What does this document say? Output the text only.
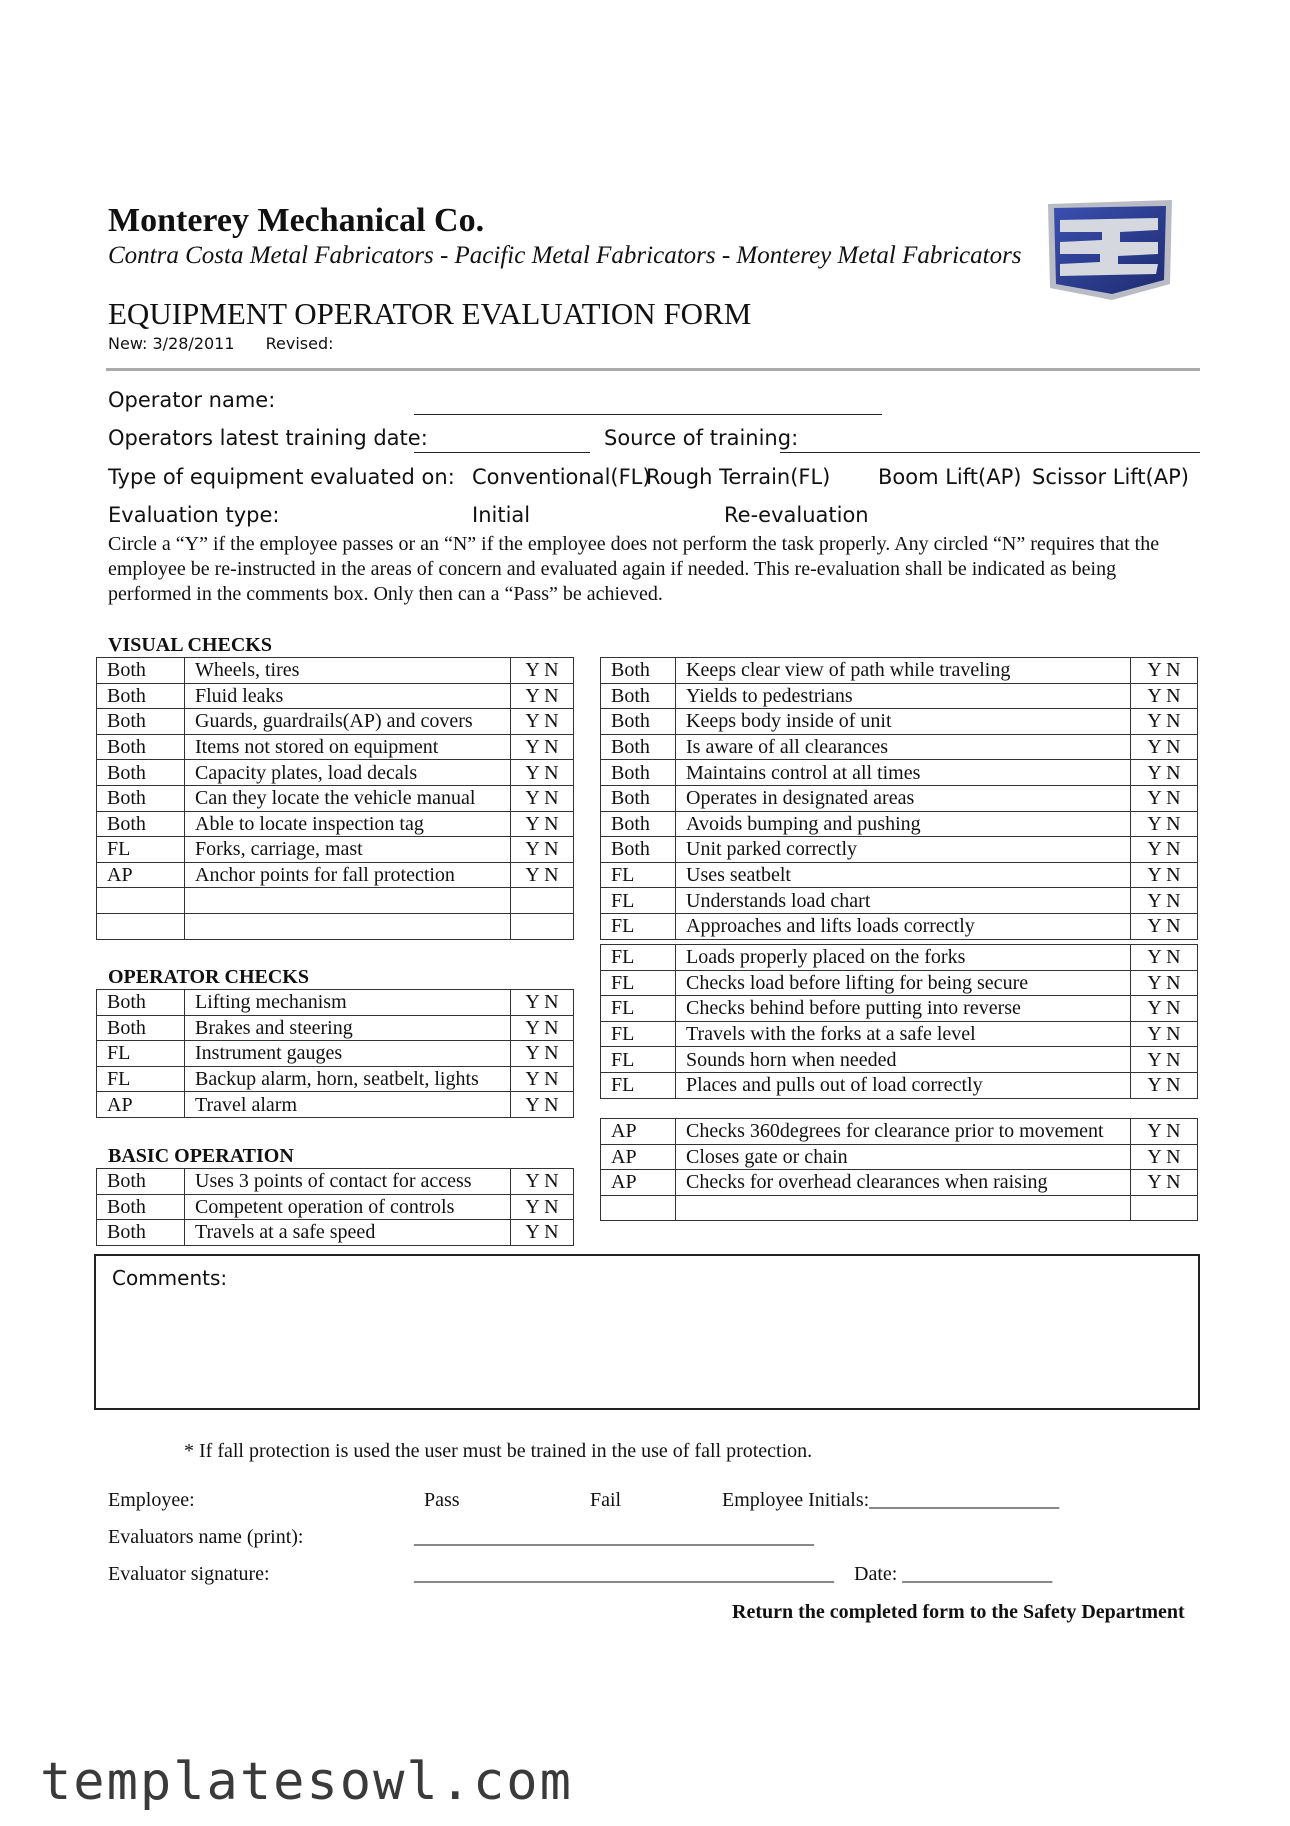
Monterey Mechanical Co.
Contra Costa Metal Fabricators - Pacific Metal Fabricators - Monterey Metal Fabricators
EQUIPMENT OPERATOR EVALUATION FORM
New: 3/28/2011 Revised:
Operator name:
Operators latest training date:	Source of training:
Type of equipment evaluated on: Conventional(FL)
Rough Terrain(FL) Boom Lift(AP) Scissor Lift(AP)
Evaluation type:	Initial	Re-evaluation
Circle a “Y” if the employee passes or an “N” if the employee does not perform the task properly. Any circled “N” requires that the employee be re-instructed in the areas of concern and evaluated again if needed. This re-evaluation shall be indicated as being performed in the comments box. Only then can a “Pass” be achieved.
VISUAL CHECKS
Both	Wheels, tires	Y N
Both	Fluid leaks	Y N
Both	Guards, guardrails(AP) and covers	Y N
Both	Items not stored on equipment	Y N
Both	Capacity plates, load decals	Y N
Both	Can they locate the vehicle manual	Y N
Both	Able to locate inspection tag	Y N
FL	Forks, carriage, mast	Y N
AP	Anchor points for fall protection	Y N

OPERATOR CHECKS
Both	Lifting mechanism	Y N
Both	Brakes and steering	Y N
FL	Instrument gauges	Y N
FL	Backup alarm, horn, seatbelt, lights	Y N
AP	Travel alarm	Y N
BASIC OPERATION
Both	Uses 3 points of contact for access	Y N
Both	Competent operation of controls	Y N
Both	Travels at a safe speed	Y N
Both	Keeps clear view of path while traveling	Y N
Both	Yields to pedestrians	Y N
Both	Keeps body inside of unit	Y N
Both	Is aware of all clearances	Y N
Both	Maintains control at all times	Y N
Both	Operates in designated areas	Y N
Both	Avoids bumping and pushing	Y N
Both	Unit parked correctly	Y N
FL	Uses seatbelt	Y N
FL	Understands load chart	Y N
FL	Approaches and lifts loads correctly	Y N
FL	Loads properly placed on the forks	Y N
FL	Checks load before lifting for being secure	Y N
FL	Checks behind before putting into reverse	Y N
FL	Travels with the forks at a safe level	Y N
FL	Sounds horn when needed	Y N
FL	Places and pulls out of load correctly	Y N
AP	Checks 360degrees for clearance prior to movement	Y N
AP	Closes gate or chain	Y N
AP	Checks for overhead clearances when raising	Y N

Comments:
* If fall protection is used the user must be trained in the use of fall protection.
Employee:	Pass	Fail	Employee Initials:___________________
Evaluators name (print):	________________________________________
Evaluator signature:	__________________________________________ Date: _______________
Return the completed form to the Safety Department
templatesowl.com
